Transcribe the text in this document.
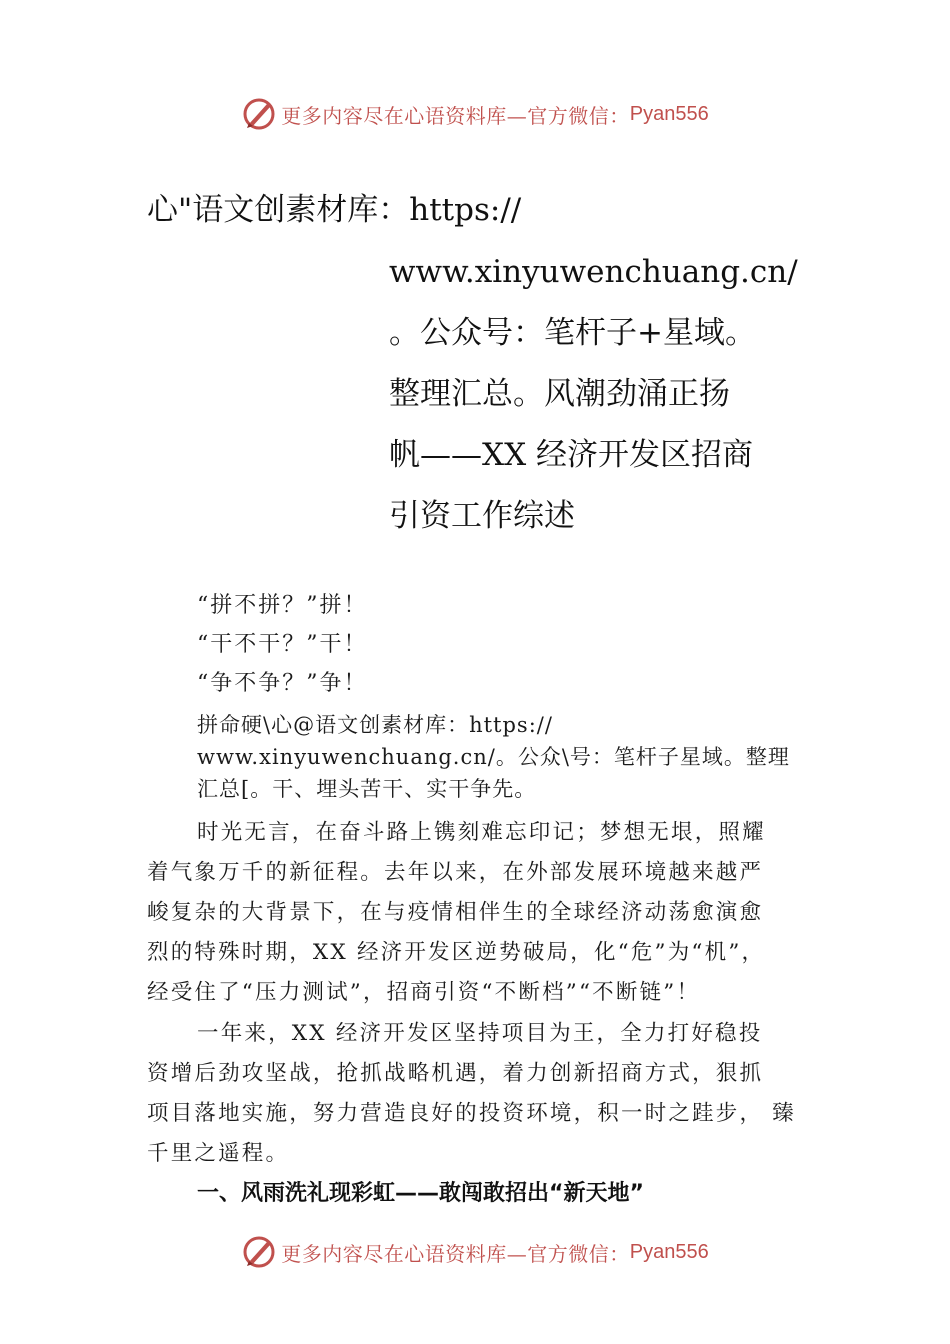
更多内容尽在心语资料库—官方微信： Pyan556
心"语文创素材库：https://
www.xinyuwenchuang.cn/
。公众号：笔杆子+星域。
整理汇总。风潮劲涌正扬
帆——XX 经济开发区招商
引资工作综述
“拼不拼？”拼！
“干不干？”干！
“争不争？”争！
拼命硬\心@语文创素材库：https://
www.xinyuwenchuang.cn/。公众\号：笔杆子星域。整理
汇总[。干、埋头苦干、实干争先。
时光无言，在奋斗路上镌刻难忘印记；梦想无垠，照耀
着气象万千的新征程。去年以来，在外部发展环境越来越严
峻复杂的大背景下，在与疫情相伴生的全球经济动荡愈演愈
烈的特殊时期，XX 经济开发区逆势破局，化“危”为“机”，
经受住了“压力测试”，招商引资“不断档”“不断链”！
一年来，XX 经济开发区坚持项目为王，全力打好稳投
资增后劲攻坚战，抢抓战略机遇，着力创新招商方式，狠抓
项目落地实施，努力营造良好的投资环境，积一时之跬步， 臻
千里之遥程。
一、风雨洗礼现彩虹——敢闯敢招出“新天地”
更多内容尽在心语资料库—官方微信： Pyan556
